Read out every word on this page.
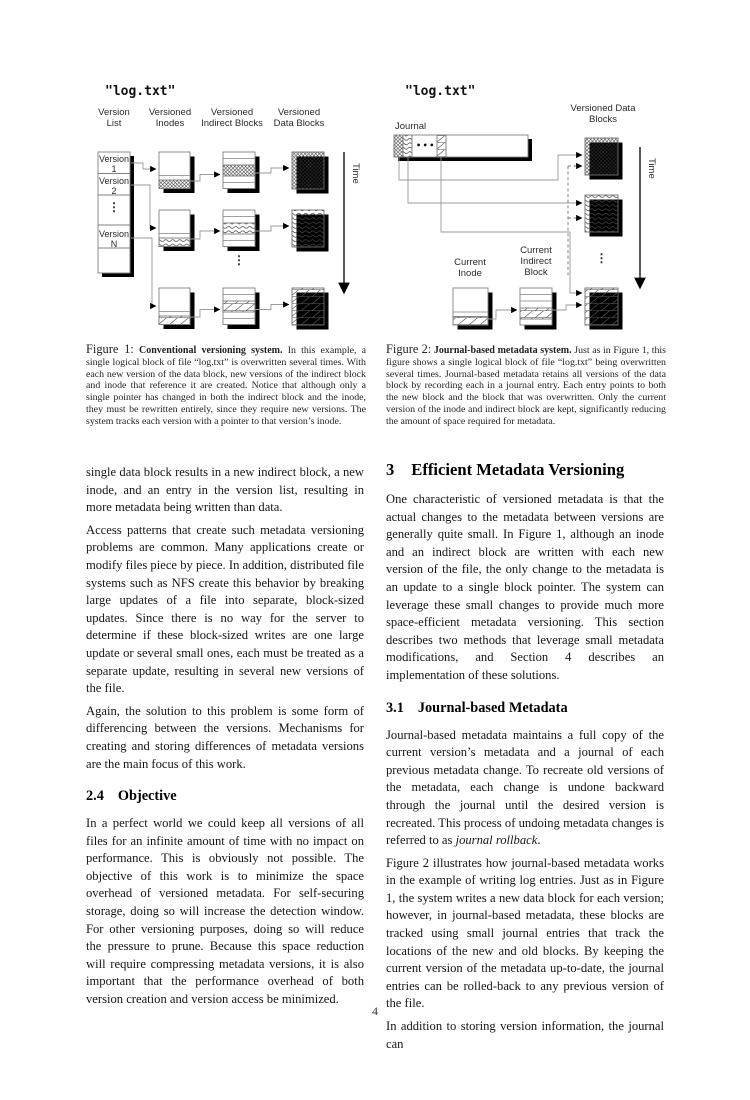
"log.txt"
Version List
Versioned Inodes
Versioned Indirect Blocks
Versioned Data Blocks
Version 1
Version 2
⋮
Version N
⋮
Time
"log.txt"
Versioned Data Blocks
Journal
•••
Current Inode
Current Indirect Block
⋮
Time
Figure 1: Conventional versioning system. In this example, a single logical block of file “log.txt” is overwritten several times. With each new version of the data block, new versions of the indirect block and inode that reference it are created. Notice that although only a single pointer has changed in both the indirect block and the inode, they must be rewritten entirely, since they require new versions. The system tracks each version with a pointer to that version’s inode.
Figure 2: Journal-based metadata system. Just as in Figure 1, this figure shows a single logical block of file “log.txt” being overwritten several times. Journal-based metadata retains all versions of the data block by recording each in a journal entry. Each entry points to both the new block and the block that was overwritten. Only the current version of the inode and indirect block are kept, significantly reducing the amount of space required for metadata.

single data block results in a new indirect block, a new inode, and an entry in the version list, resulting in more metadata being written than data.

Access patterns that create such metadata versioning problems are common. Many applications create or modify files piece by piece. In addition, distributed file systems such as NFS create this behavior by breaking large updates of a file into separate, block-sized updates. Since there is no way for the server to determine if these block-sized writes are one large update or several small ones, each must be treated as a separate update, resulting in several new versions of the file.

Again, the solution to this problem is some form of differencing between the versions. Mechanisms for creating and storing differences of metadata versions are the main focus of this work.

2.4 Objective

In a perfect world we could keep all versions of all files for an infinite amount of time with no impact on performance. This is obviously not possible. The objective of this work is to minimize the space overhead of versioned metadata. For self-securing storage, doing so will increase the detection window. For other versioning purposes, doing so will reduce the pressure to prune. Because this space reduction will require compressing metadata versions, it is also important that the performance overhead of both version creation and version access be minimized.

3 Efficient Metadata Versioning

One characteristic of versioned metadata is that the actual changes to the metadata between versions are generally quite small. In Figure 1, although an inode and an indirect block are written with each new version of the file, the only change to the metadata is an update to a single block pointer. The system can leverage these small changes to provide much more space-efficient metadata versioning. This section describes two methods that leverage small metadata modifications, and Section 4 describes an implementation of these solutions.

3.1 Journal-based Metadata

Journal-based metadata maintains a full copy of the current version’s metadata and a journal of each previous metadata change. To recreate old versions of the metadata, each change is undone backward through the journal until the desired version is recreated. This process of undoing metadata changes is referred to as journal rollback.

Figure 2 illustrates how journal-based metadata works in the example of writing log entries. Just as in Figure 1, the system writes a new data block for each version; however, in journal-based metadata, these blocks are tracked using small journal entries that track the locations of the new and old blocks. By keeping the current version of the metadata up-to-date, the journal entries can be rolled-back to any previous version of the file.

In addition to storing version information, the journal can

4
